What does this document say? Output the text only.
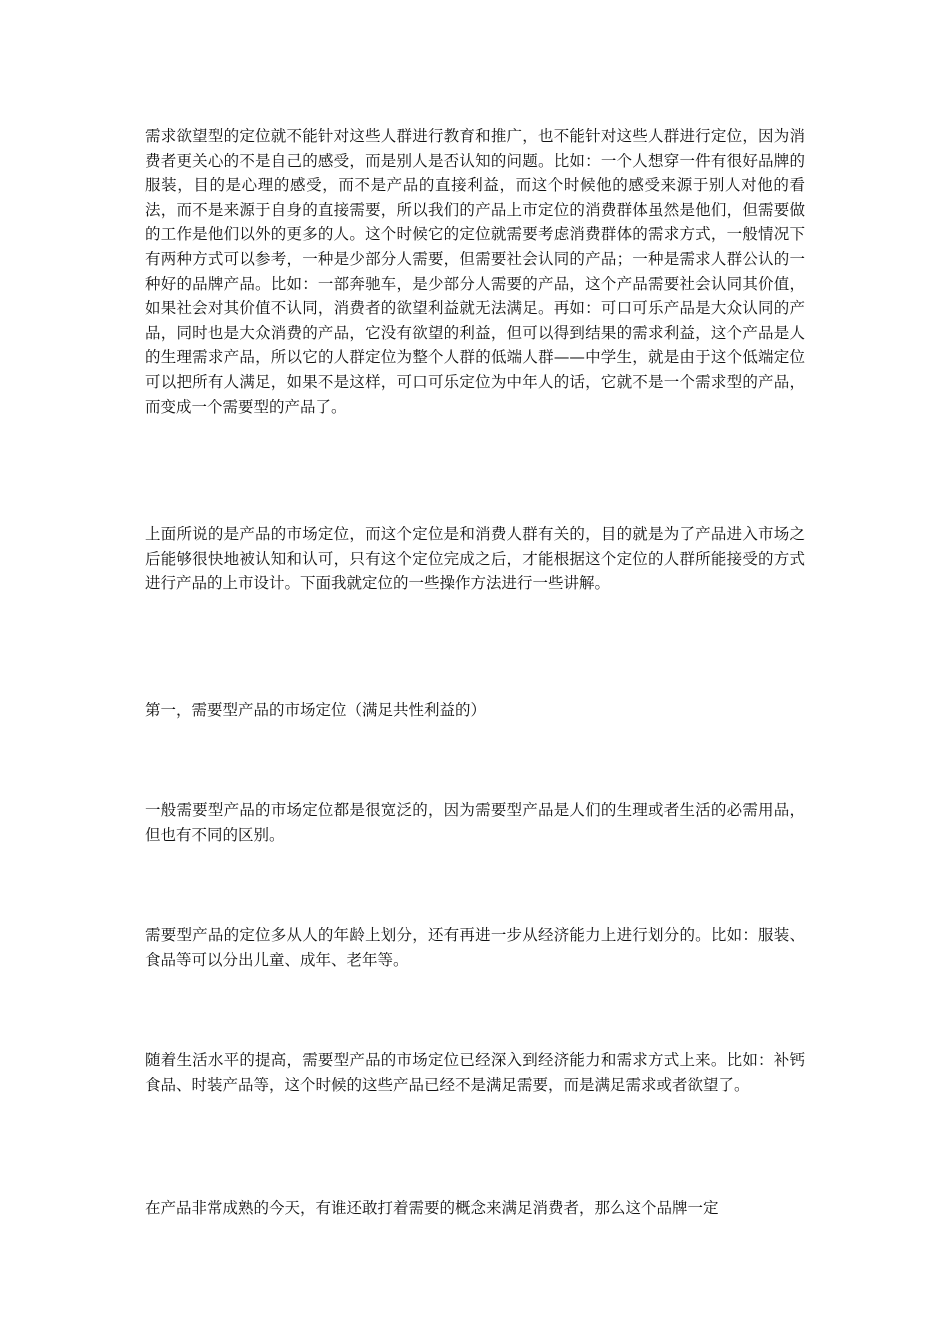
需求欲望型的定位就不能针对这些人群进行教育和推广，也不能针对这些人群进行定位，因为消费者更关心的不是自己的感受，而是别人是否认知的问题。比如：一个人想穿一件有很好品牌的服装，目的是心理的感受，而不是产品的直接利益，而这个时候他的感受来源于别人对他的看法，而不是来源于自身的直接需要，所以我们的产品上市定位的消费群体虽然是他们，但需要做的工作是他们以外的更多的人。这个时候它的定位就需要考虑消费群体的需求方式，一般情况下有两种方式可以参考，一种是少部分人需要，但需要社会认同的产品；一种是需求人群公认的一种好的品牌产品。比如：一部奔驰车，是少部分人需要的产品，这个产品需要社会认同其价值，如果社会对其价值不认同，消费者的欲望利益就无法满足。再如：可口可乐产品是大众认同的产品，同时也是大众消费的产品，它没有欲望的利益，但可以得到结果的需求利益，这个产品是人的生理需求产品，所以它的人群定位为整个人群的低端人群——中学生，就是由于这个低端定位可以把所有人满足，如果不是这样，可口可乐定位为中年人的话，它就不是一个需求型的产品，而变成一个需要型的产品了。

上面所说的是产品的市场定位，而这个定位是和消费人群有关的，目的就是为了产品进入市场之后能够很快地被认知和认可，只有这个定位完成之后，才能根据这个定位的人群所能接受的方式进行产品的上市设计。下面我就定位的一些操作方法进行一些讲解。

第一，需要型产品的市场定位（满足共性利益的）

一般需要型产品的市场定位都是很宽泛的，因为需要型产品是人们的生理或者生活的必需用品，但也有不同的区别。

需要型产品的定位多从人的年龄上划分，还有再进一步从经济能力上进行划分的。比如：服装、食品等可以分出儿童、成年、老年等。

随着生活水平的提高，需要型产品的市场定位已经深入到经济能力和需求方式上来。比如：补钙食品、时装产品等，这个时候的这些产品已经不是满足需要，而是满足需求或者欲望了。

在产品非常成熟的今天，有谁还敢打着需要的概念来满足消费者，那么这个品牌一定
